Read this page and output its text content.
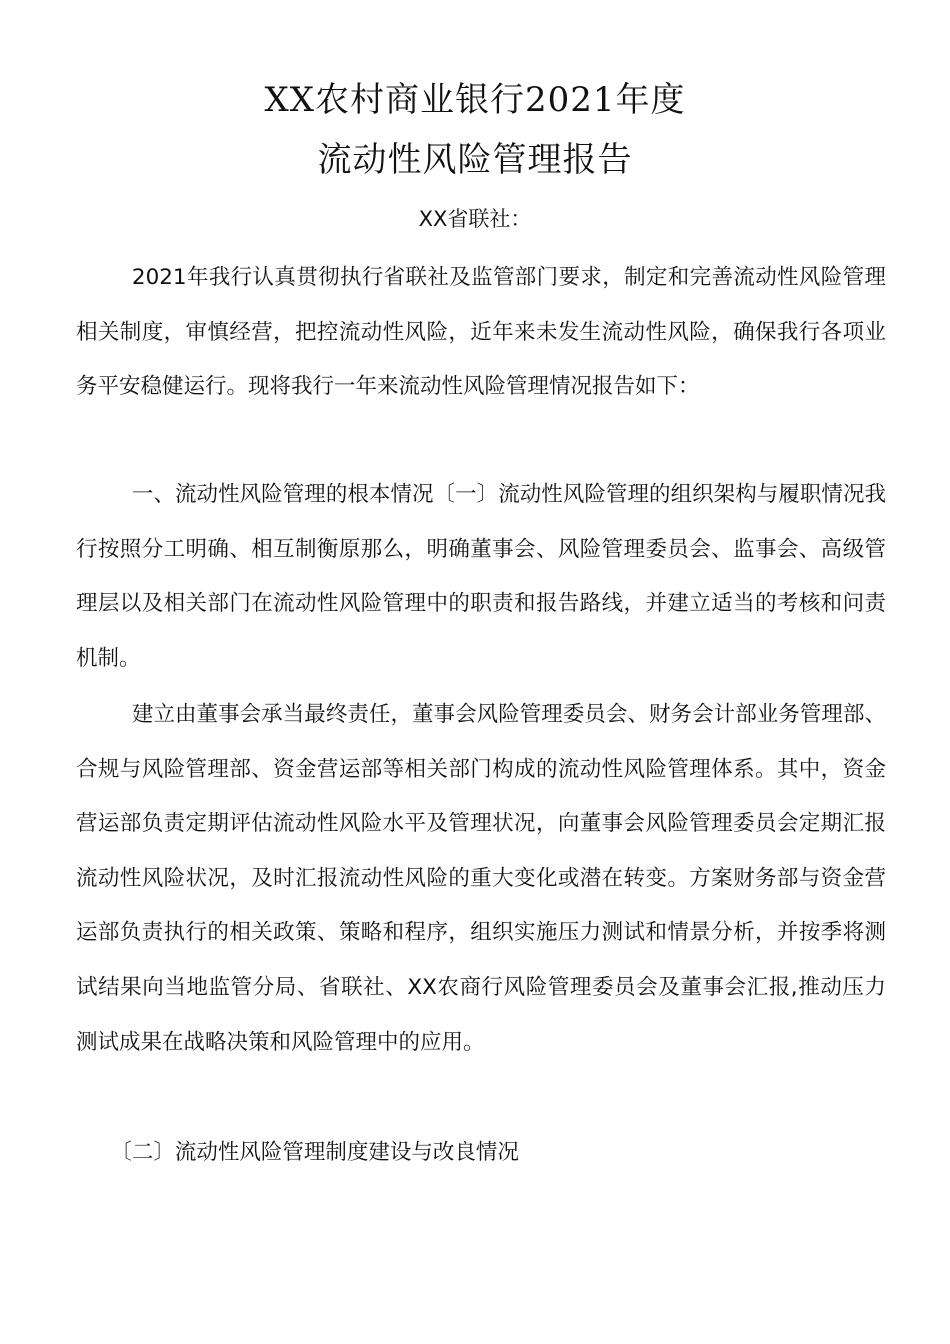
XX农村商业银行2021年度
流动性风险管理报告
XX省联社：

2021年我行认真贯彻执行省联社及监管部门要求，制定和完善流动性风险管理相关制度，审慎经营，把控流动性风险，近年来未发生流动性风险，确保我行各项业务平安稳健运行。现将我行一年来流动性风险管理情况报告如下：

一、流动性风险管理的根本情况〔一〕流动性风险管理的组织架构与履职情况我行按照分工明确、相互制衡原那么，明确董事会、风险管理委员会、监事会、高级管理层以及相关部门在流动性风险管理中的职责和报告路线，并建立适当的考核和问责机制。

建立由董事会承当最终责任，董事会风险管理委员会、财务会计部业务管理部、合规与风险管理部、资金营运部等相关部门构成的流动性风险管理体系。其中，资金营运部负责定期评估流动性风险水平及管理状况，向董事会风险管理委员会定期汇报流动性风险状况，及时汇报流动性风险的重大变化或潜在转变。方案财务部与资金营运部负责执行的相关政策、策略和程序，组织实施压力测试和情景分析，并按季将测试结果向当地监管分局、省联社、XX农商行风险管理委员会及董事会汇报,推动压力测试成果在战略决策和风险管理中的应用。

〔二〕流动性风险管理制度建设与改良情况
